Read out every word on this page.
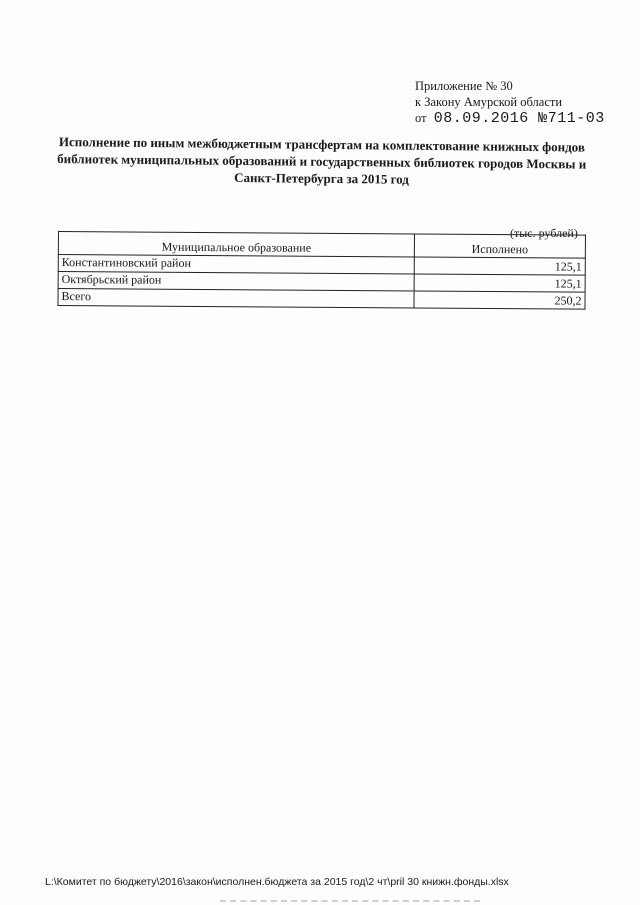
Приложение № 30
к Закону Амурской области
от 08.09.2016 №711-03
Исполнение по иным межбюджетным трансфертам на комплектование книжных фондов библиотек муниципальных образований и государственных библиотек городов Москвы и Санкт-Петербурга за 2015 год
(тыс. рублей)
Муниципальное образование	Исполнено
Константиновский район	125,1
Октябрьский район	125,1
Всего	250,2
L:\Комитет по бюджету\2016\закон\исполнен.бюджета за 2015 год\2 чт\pril 30 книжн.фонды.xlsx
